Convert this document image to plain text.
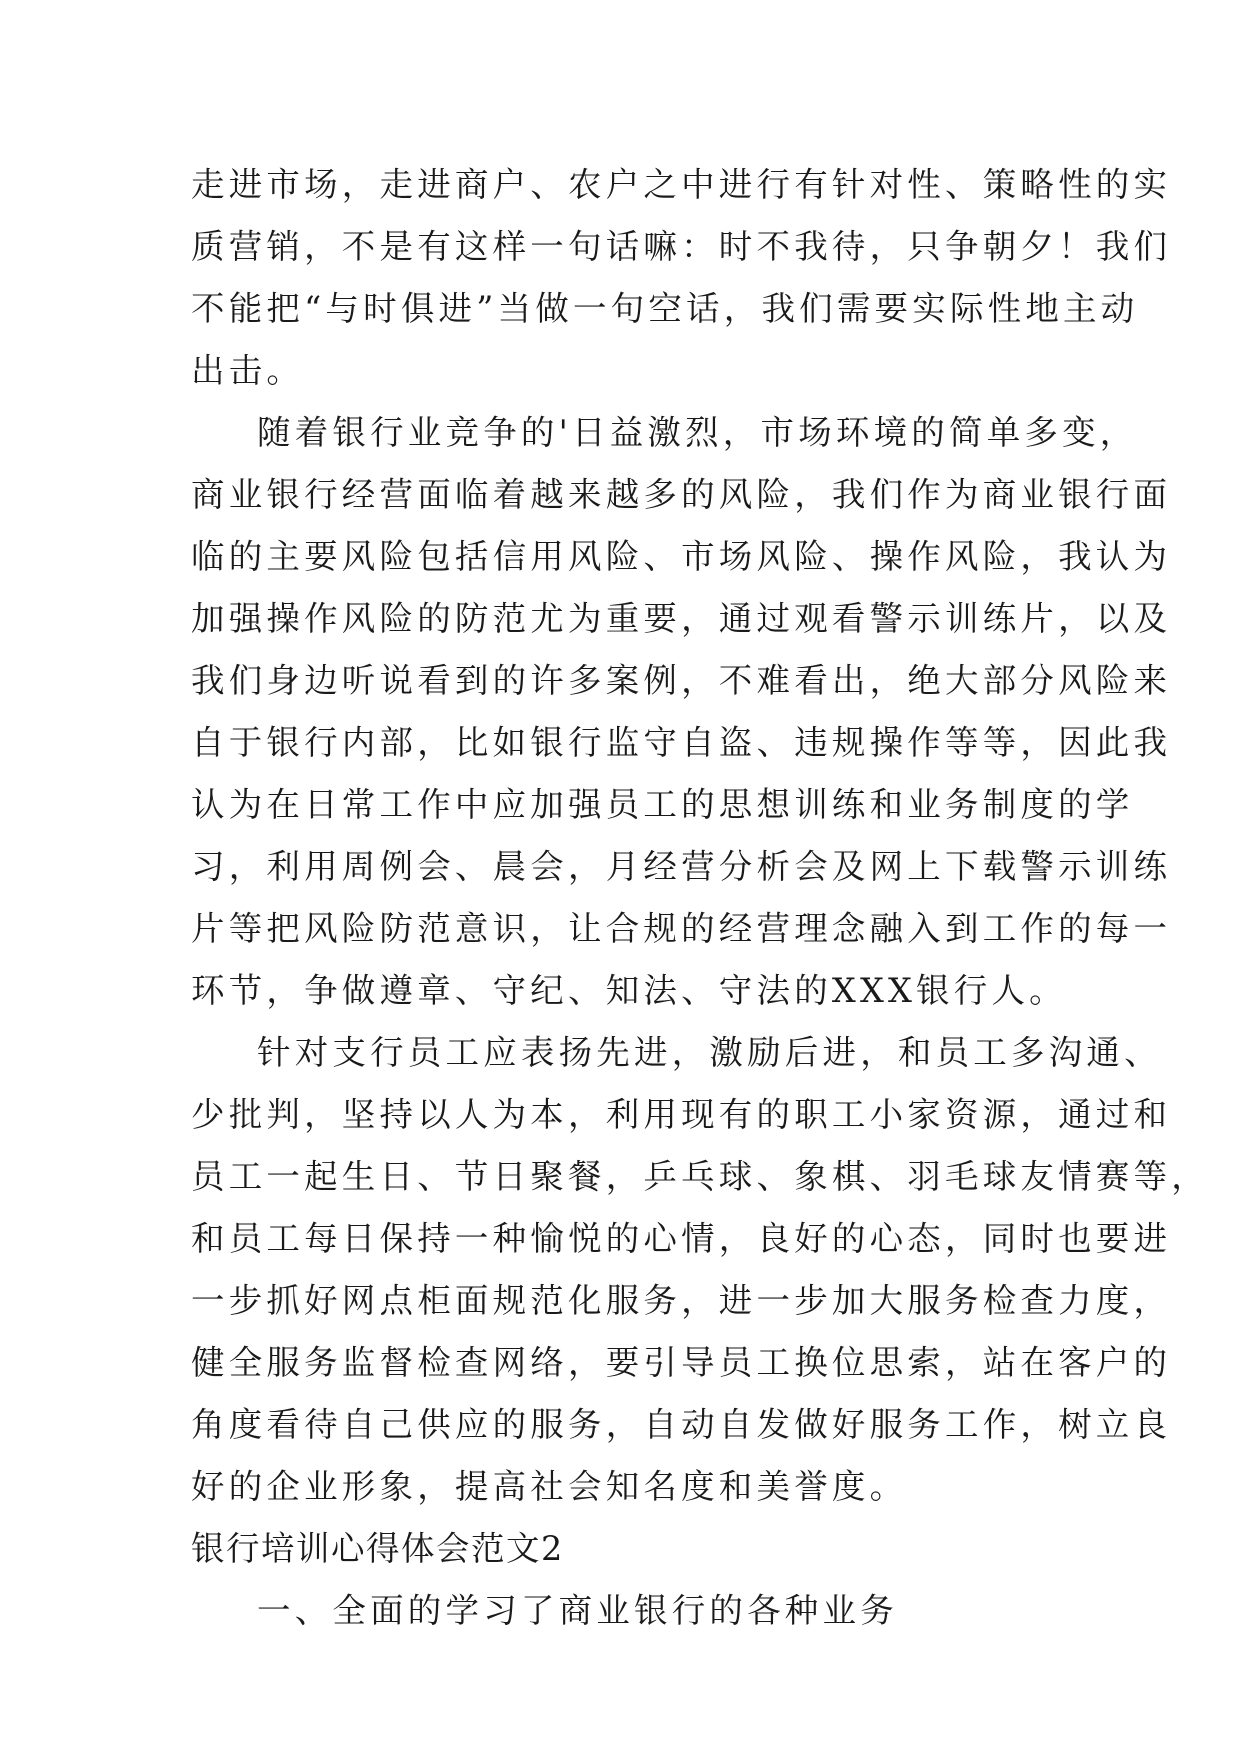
走进市场，走进商户、农户之中进行有针对性、策略性的实
质营销，不是有这样一句话嘛：时不我待，只争朝夕！我们
不能把“与时俱进”当做一句空话，我们需要实际性地主动
出击。
随着银行业竞争的'日益激烈，市场环境的简单多变，
商业银行经营面临着越来越多的风险，我们作为商业银行面
临的主要风险包括信用风险、市场风险、操作风险，我认为
加强操作风险的防范尤为重要，通过观看警示训练片，以及
我们身边听说看到的许多案例，不难看出，绝大部分风险来
自于银行内部，比如银行监守自盗、违规操作等等，因此我
认为在日常工作中应加强员工的思想训练和业务制度的学
习，利用周例会、晨会，月经营分析会及网上下载警示训练
片等把风险防范意识，让合规的经营理念融入到工作的每一
环节，争做遵章、守纪、知法、守法的XXX银行人。
针对支行员工应表扬先进，激励后进，和员工多沟通、
少批判，坚持以人为本，利用现有的职工小家资源，通过和
员工一起生日、节日聚餐，乒乓球、象棋、羽毛球友情赛等，
和员工每日保持一种愉悦的心情，良好的心态，同时也要进
一步抓好网点柜面规范化服务，进一步加大服务检查力度，
健全服务监督检查网络，要引导员工换位思索，站在客户的
角度看待自己供应的服务，自动自发做好服务工作，树立良
好的企业形象，提高社会知名度和美誉度。
银行培训心得体会范文2
一、全面的学习了商业银行的各种业务
